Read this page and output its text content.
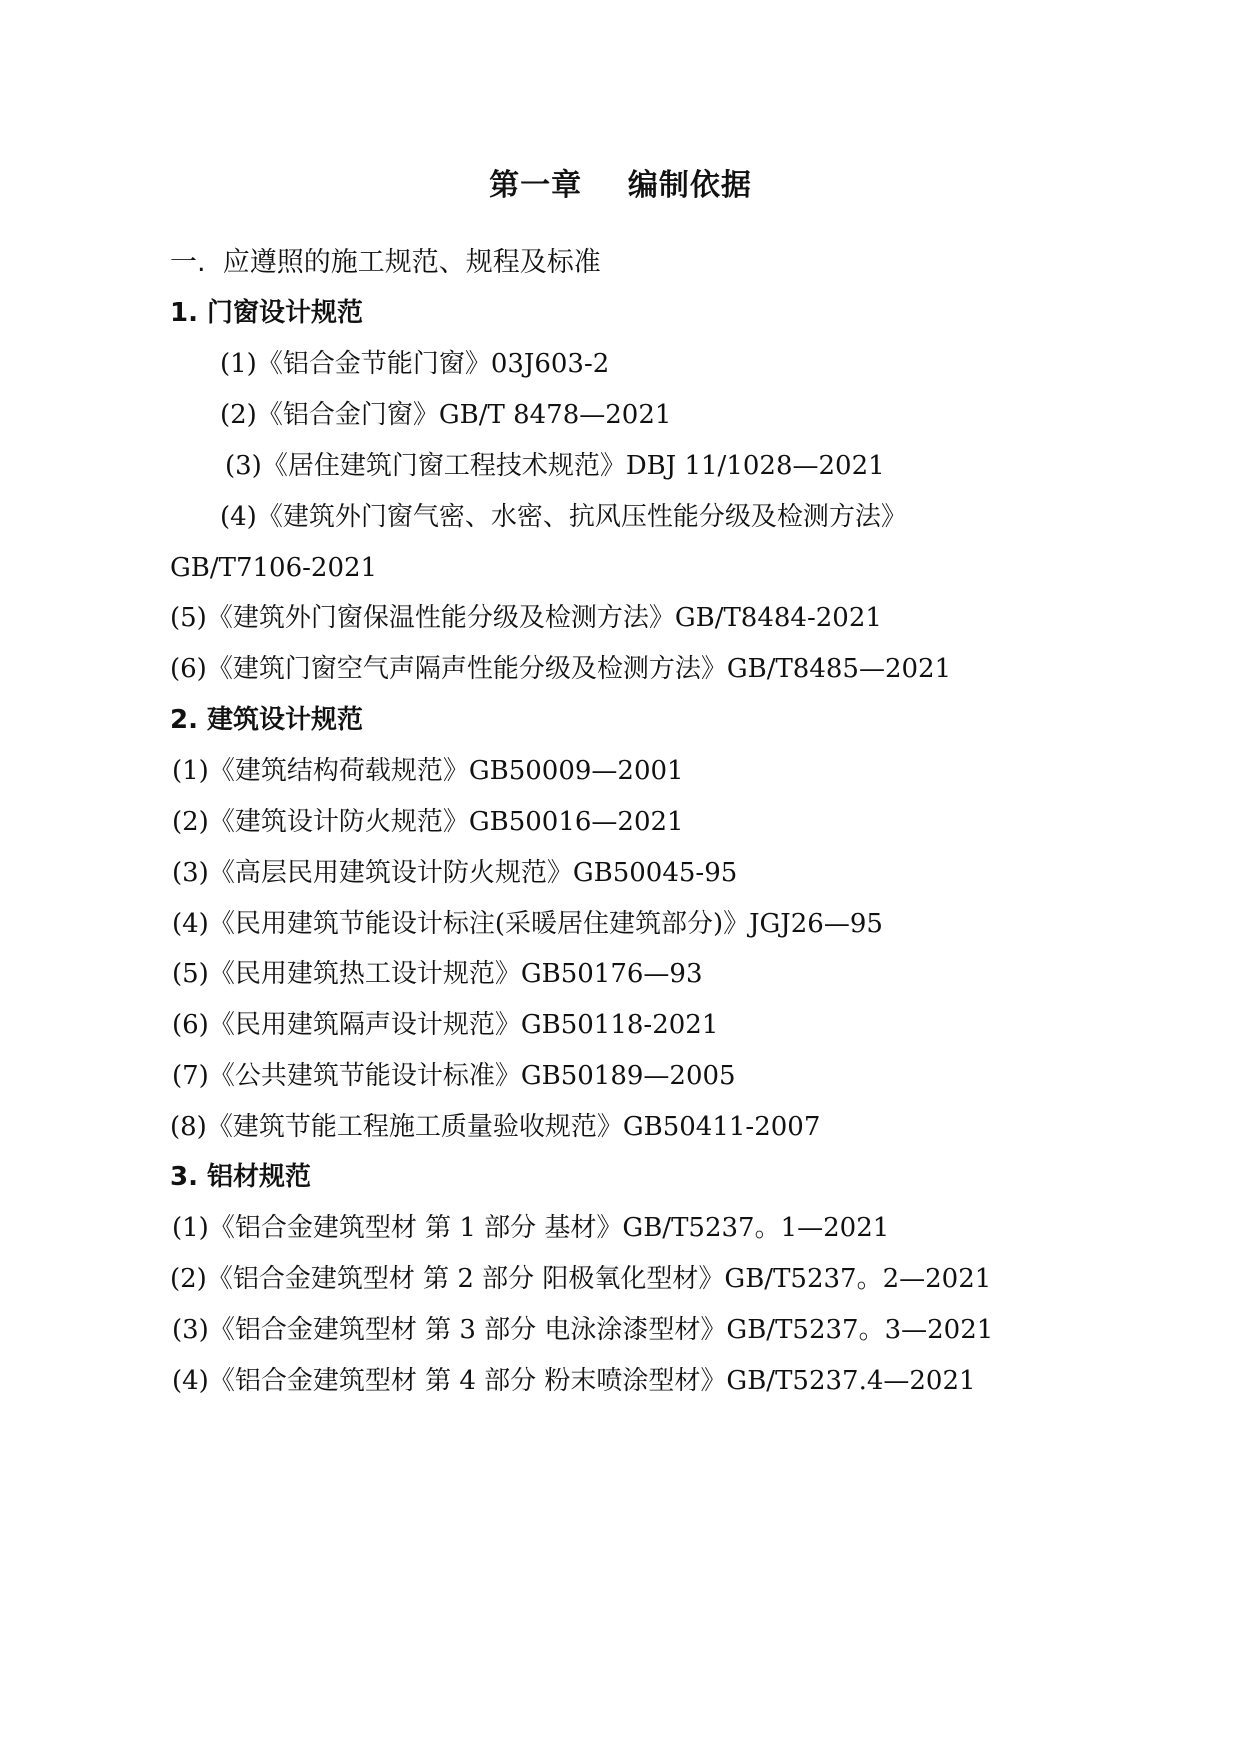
第一章    编制依据
一.  应遵照的施工规范、规程及标准
1. 门窗设计规范
(1)《铝合金节能门窗》03J603-2
(2)《铝合金门窗》GB/T 8478—2021
(3)《居住建筑门窗工程技术规范》DBJ 11/1028—2021
(4)《建筑外门窗气密、水密、抗风压性能分级及检测方法》
GB/T7106-2021
(5)《建筑外门窗保温性能分级及检测方法》GB/T8484-2021
(6)《建筑门窗空气声隔声性能分级及检测方法》GB/T8485—2021
2. 建筑设计规范
(1)《建筑结构荷载规范》GB50009—2001
(2)《建筑设计防火规范》GB50016—2021
(3)《高层民用建筑设计防火规范》GB50045-95
(4)《民用建筑节能设计标注(采暖居住建筑部分)》JGJ26—95
(5)《民用建筑热工设计规范》GB50176—93
(6)《民用建筑隔声设计规范》GB50118-2021
(7)《公共建筑节能设计标准》GB50189—2005
(8)《建筑节能工程施工质量验收规范》GB50411-2007
3. 铝材规范
(1)《铝合金建筑型材 第 1 部分 基材》GB/T5237。1—2021
(2)《铝合金建筑型材 第 2 部分 阳极氧化型材》GB/T5237。2—2021
(3)《铝合金建筑型材 第 3 部分 电泳涂漆型材》GB/T5237。3—2021
(4)《铝合金建筑型材 第 4 部分 粉末喷涂型材》GB/T5237.4—2021
